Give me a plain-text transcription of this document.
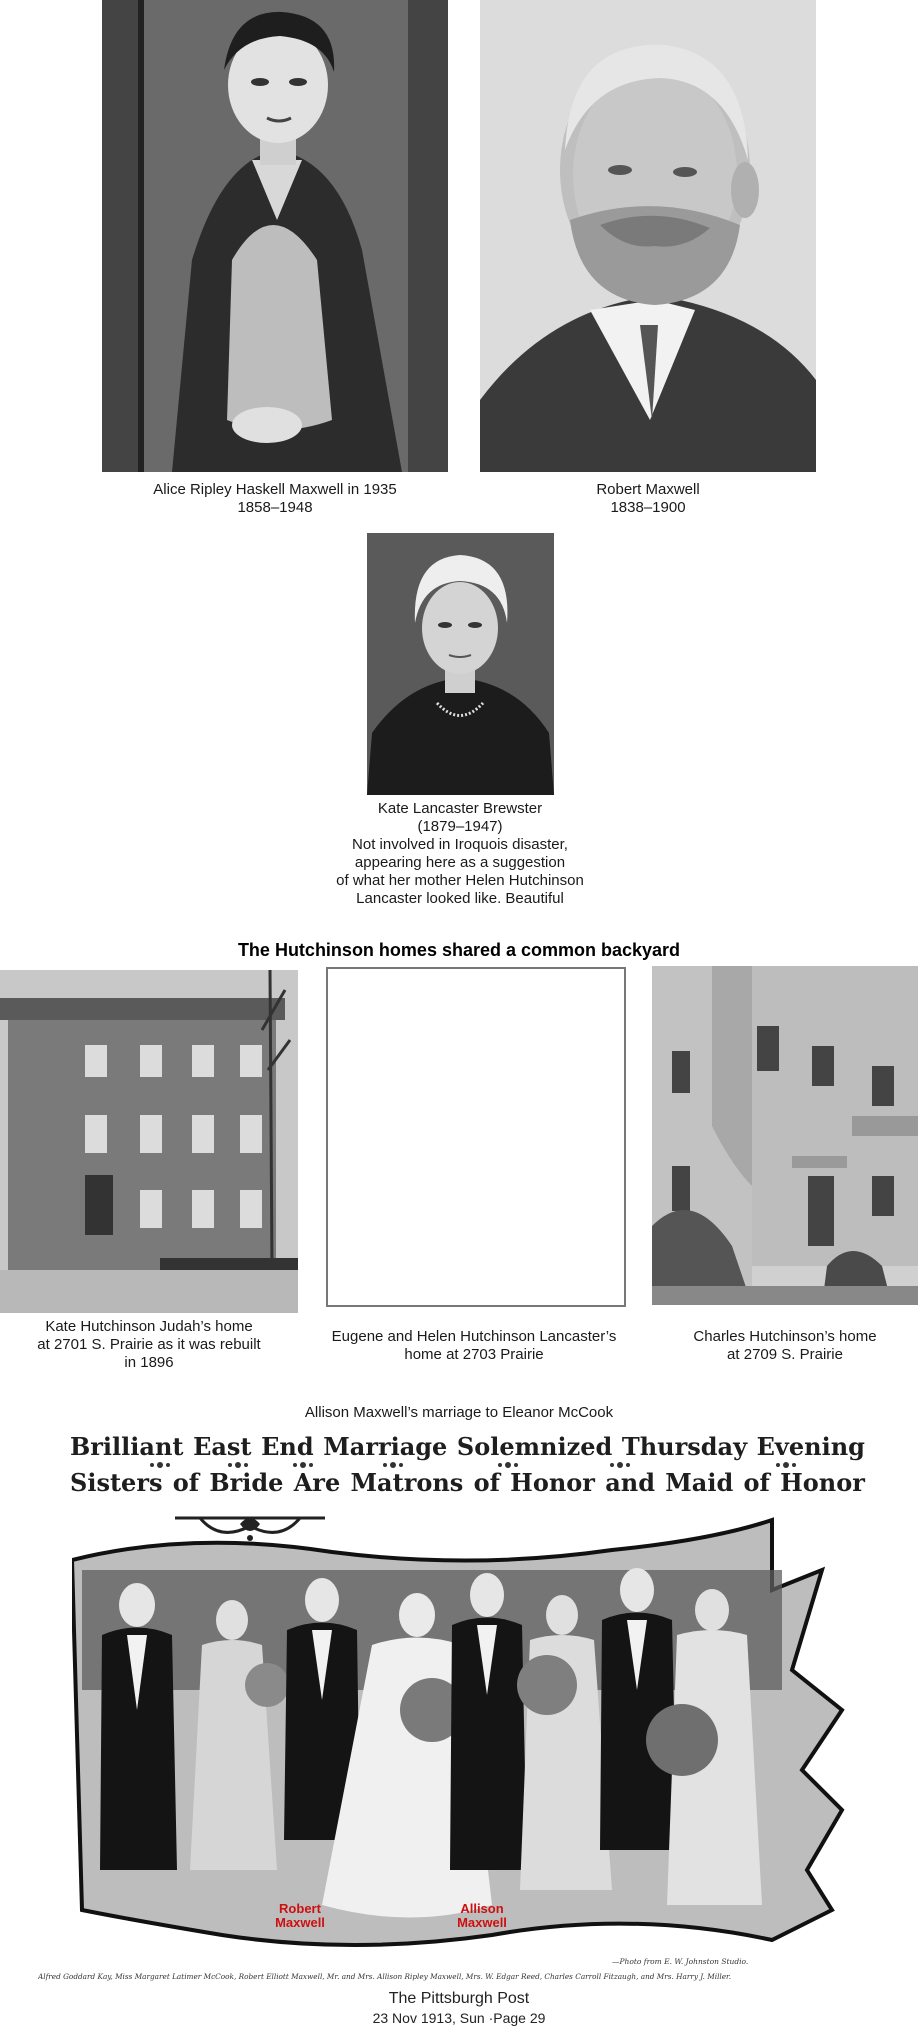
Alice Ripley Haskell Maxwell in 1935
1858–1948
Robert Maxwell
1838–1900
Kate Lancaster Brewster
(1879–1947)
Not involved in Iroquois disaster,
appearing here as a suggestion
of what her mother Helen Hutchinson
Lancaster looked like. Beautiful
The Hutchinson homes shared a common backyard
Kate Hutchinson Judah’s home
at 2701 S. Prairie as it was rebuilt
in 1896
Eugene and Helen Hutchinson Lancaster’s
home at 2703 Prairie
Charles Hutchinson’s home
at 2709 S. Prairie
Allison Maxwell’s marriage to Eleanor McCook
Brilliant East End Marriage Solemnized Thursday Evening
Sisters of Bride Are Matrons of Honor and Maid of Honor
Robert Maxwell
Allison Maxwell
—Photo from E. W. Johnston Studio.
Alfred Goddard Kay, Miss Margaret Latimer McCook, Robert Elliott Maxwell, Mr. and Mrs. Allison Ripley Maxwell, Mrs. W. Edgar Reed, Charles Carroll Fitzaugh, and Mrs. Harry J. Miller.
The Pittsburgh Post
23 Nov 1913, Sun ·Page 29
